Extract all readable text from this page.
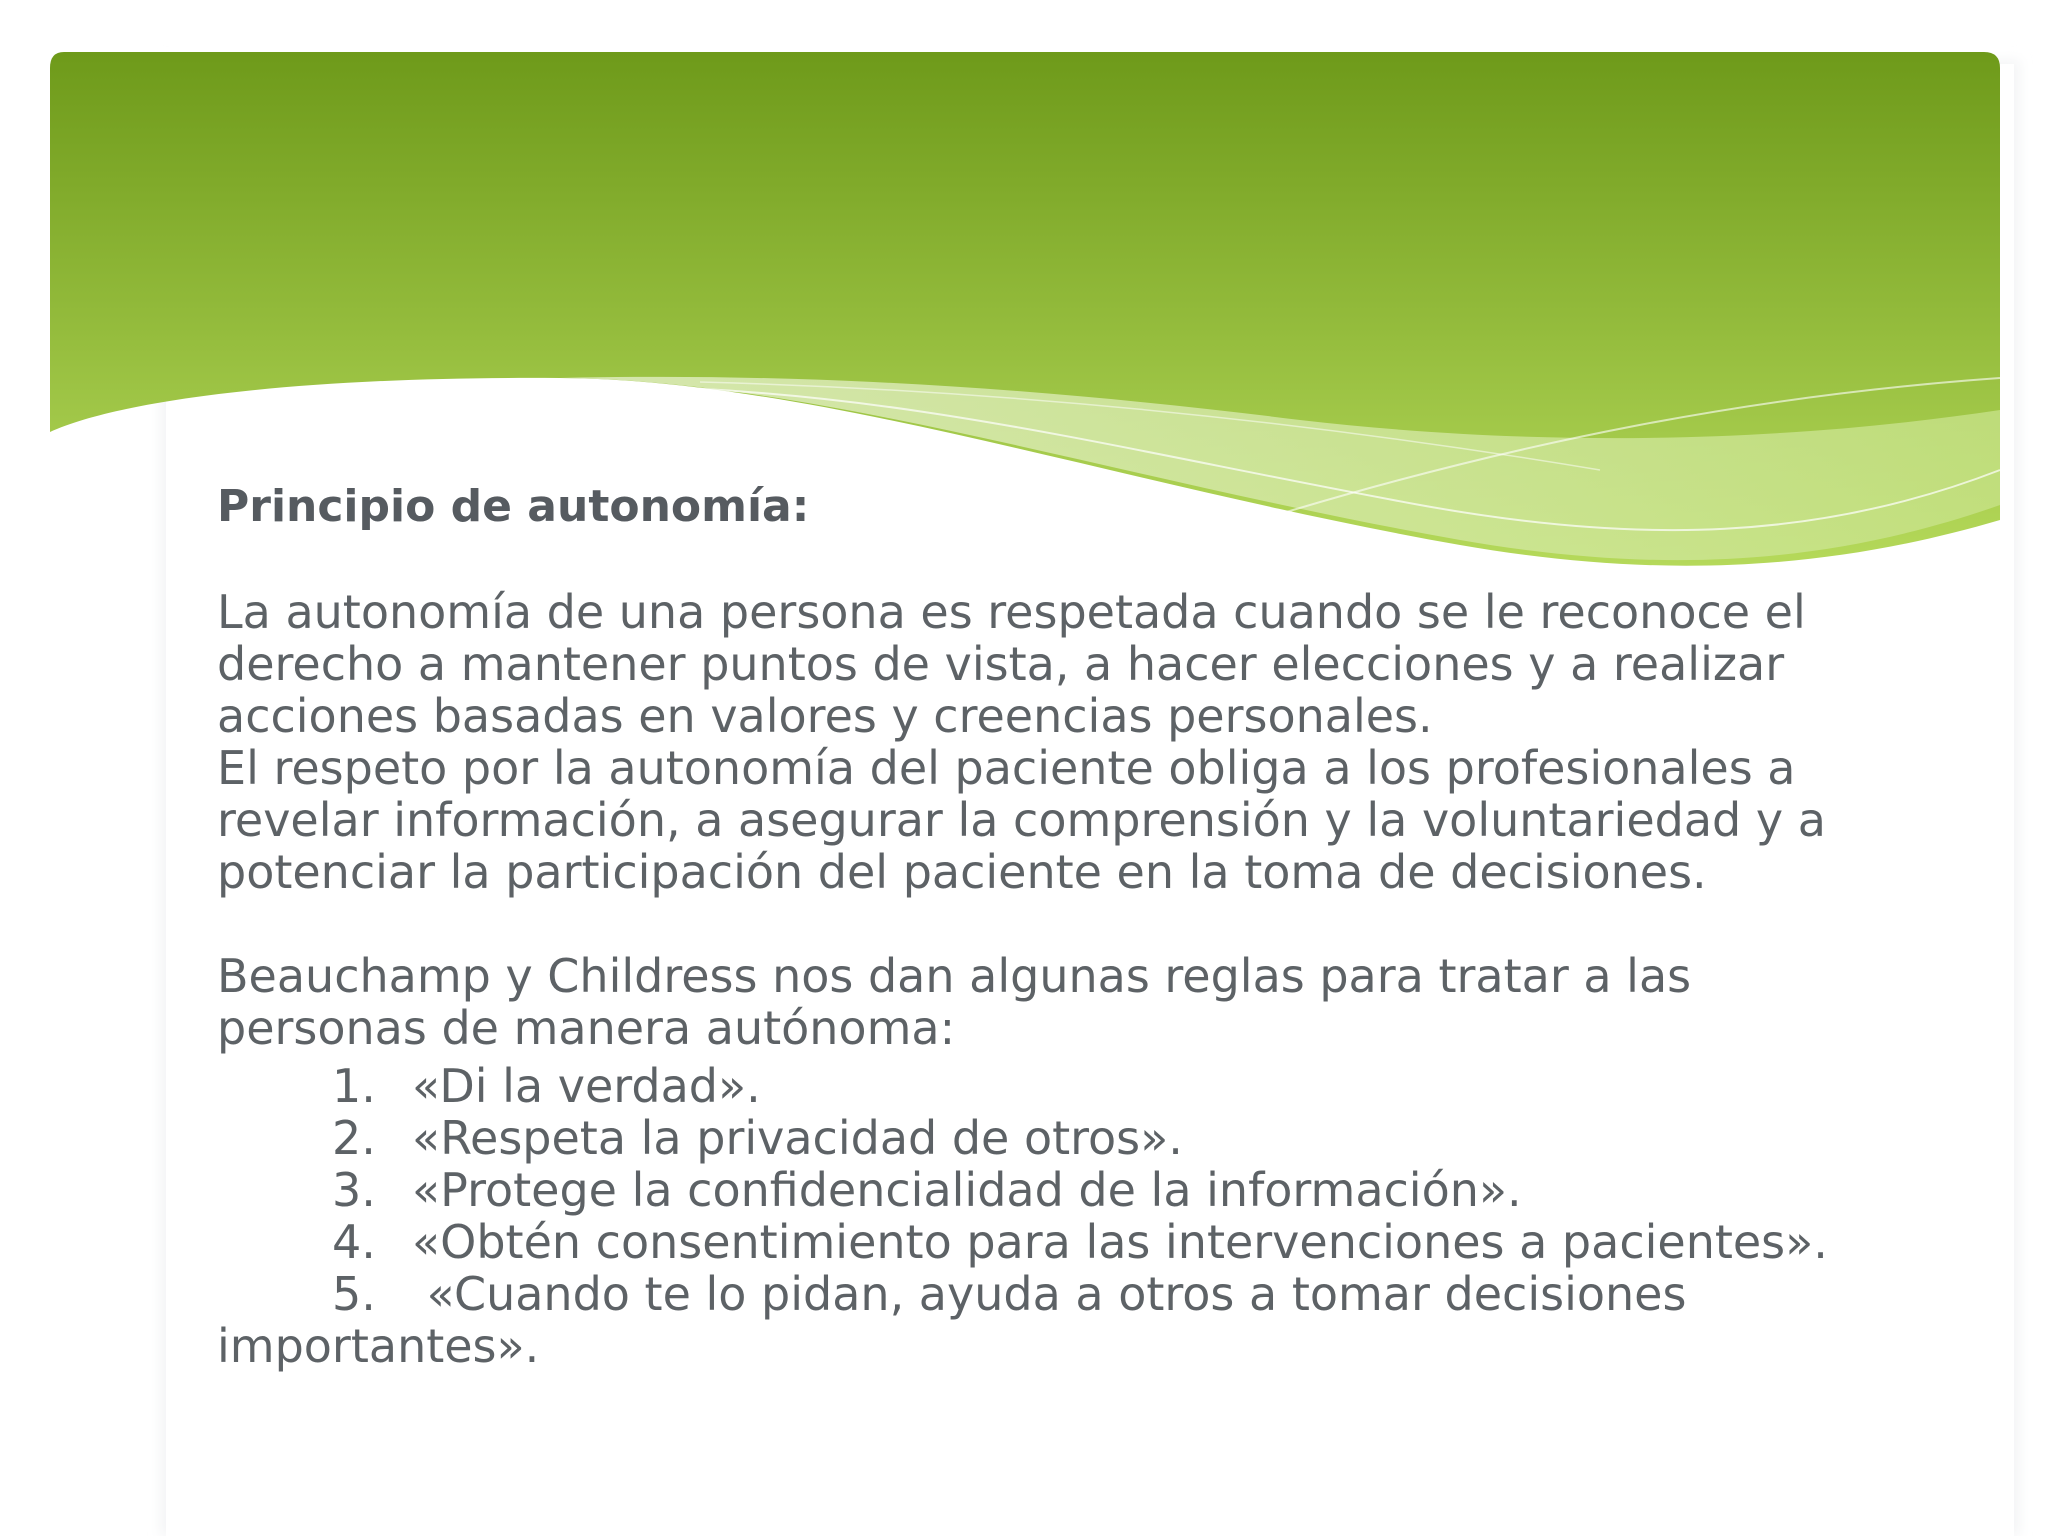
Principio de autonomía:

La autonomía de una persona es respetada cuando se le reconoce el

derecho a mantener puntos de vista, a hacer elecciones y a realizar

acciones basadas en valores y creencias personales.

El respeto por la autonomía del paciente obliga a los profesionales a

revelar información, a asegurar la comprensión y la voluntariedad y a

potenciar la participación del paciente en la toma de decisiones.

Beauchamp y Childress nos dan algunas reglas para tratar a las

personas de manera autónoma:

1. «Di la verdad».
2. «Respeta la privacidad de otros».
3. «Protege la confidencialidad de la información».
4. «Obtén consentimiento para las intervenciones a pacientes».
5. «Cuando te lo pidan, ayuda a otros a tomar decisiones

importantes».
